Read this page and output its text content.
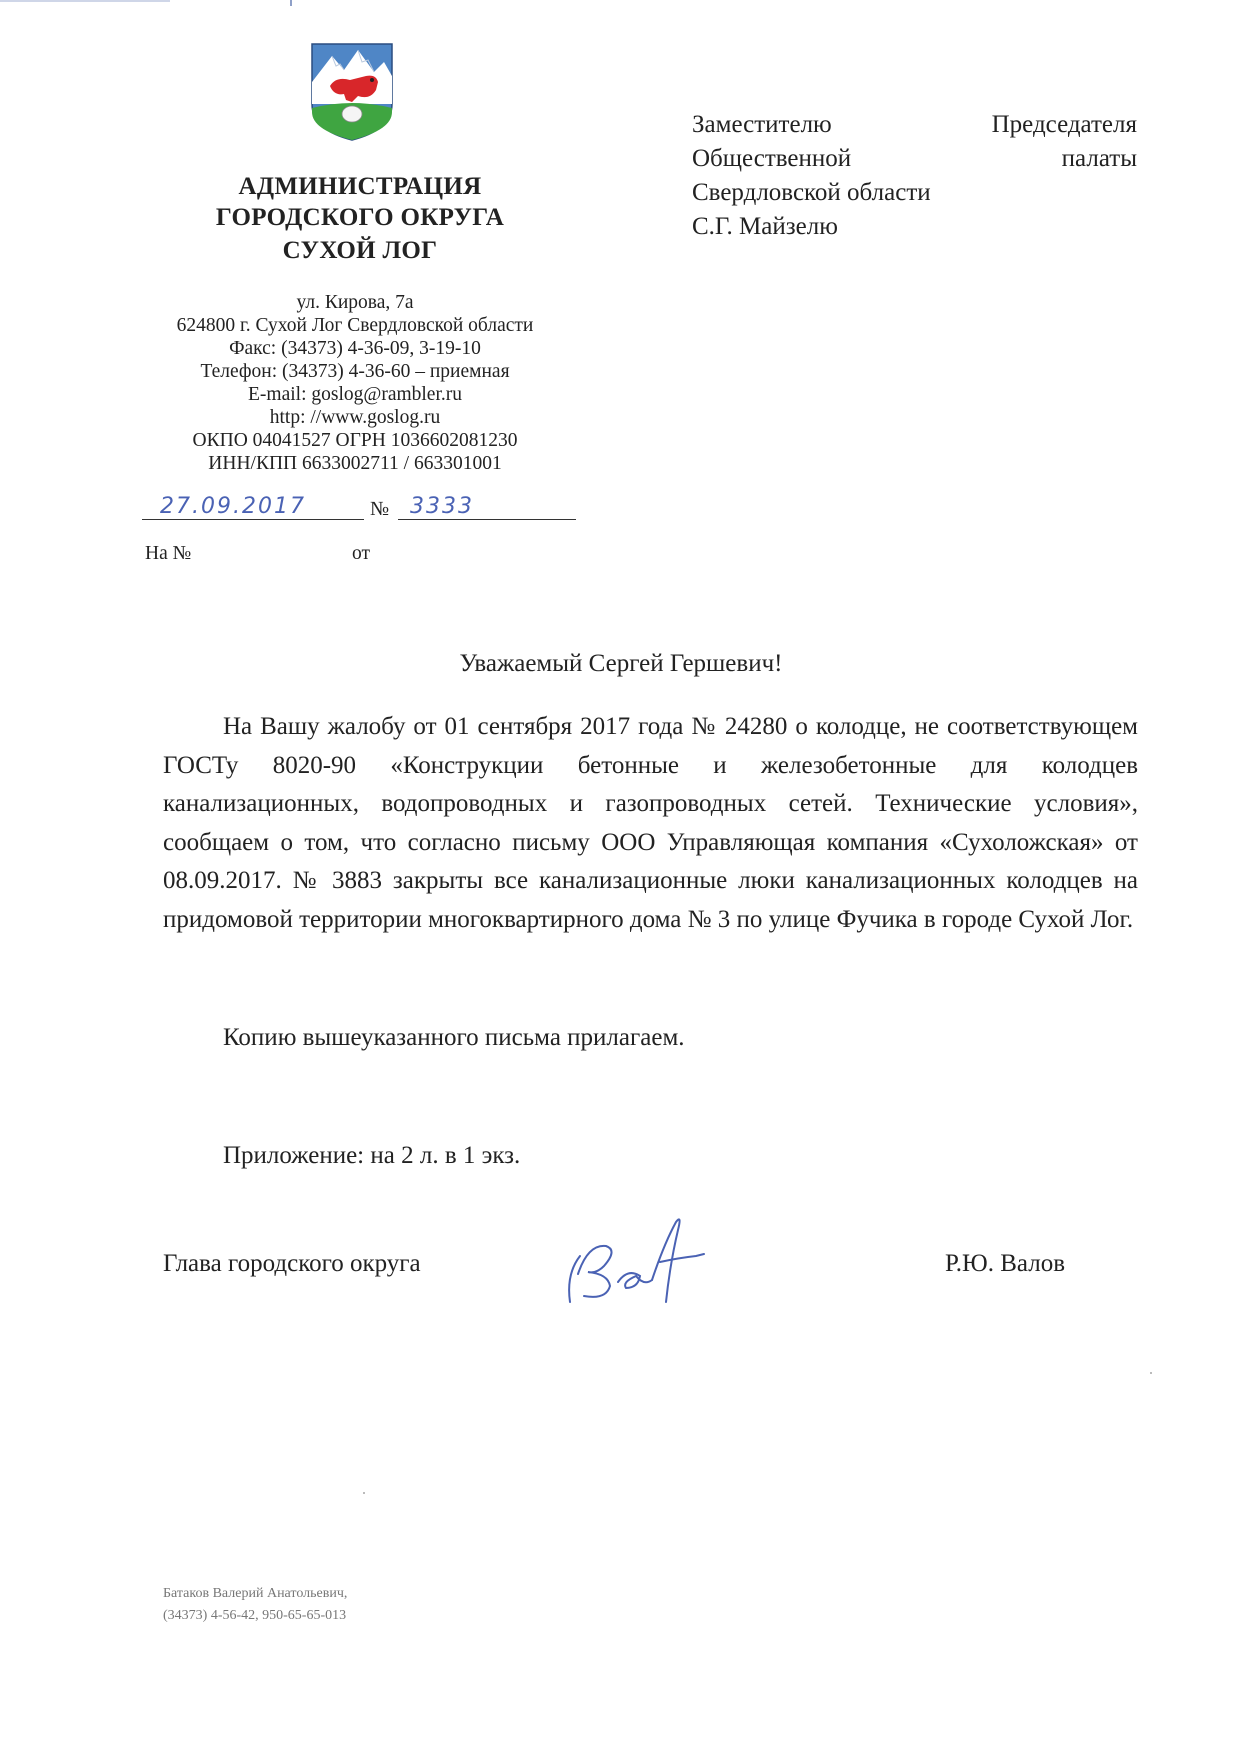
АДМИНИСТРАЦИЯ
ГОРОДСКОГО ОКРУГА
СУХОЙ ЛОГ
ул. Кирова, 7а
624800 г. Сухой Лог Свердловской области
Факс: (34373) 4-36-09, 3-19-10
Телефон: (34373) 4-36-60 – приемная
E-mail: goslog@rambler.ru
http: //www.goslog.ru
ОКПО 04041527 ОГРН 1036602081230
ИНН/КПП 6633002711 / 663301001
27.09.2017	№ 3333
На №	от
Заместителю	Председателя
Общественной	палаты
Свердловской области
С.Г. Майзелю
Уважаемый Сергей Гершевич!
На Вашу жалобу от 01 сентября 2017 года № 24280 о колодце, не соответствующем ГОСТу 8020-90 «Конструкции бетонные и железобетонные для колодцев канализационных, водопроводных и газопроводных сетей. Технические условия», сообщаем о том, что согласно письму ООО Управляющая компания «Сухоложская» от 08.09.2017. № 3883 закрыты все канализационные люки канализационных колодцев на придомовой территории многоквартирного дома № 3 по улице Фучика в городе Сухой Лог.
Копию вышеуказанного письма прилагаем.
Приложение: на 2 л. в 1 экз.
Глава городского округа	Р.Ю. Валов
Батаков Валерий Анатольевич,
(34373) 4-56-42, 950-65-65-013
